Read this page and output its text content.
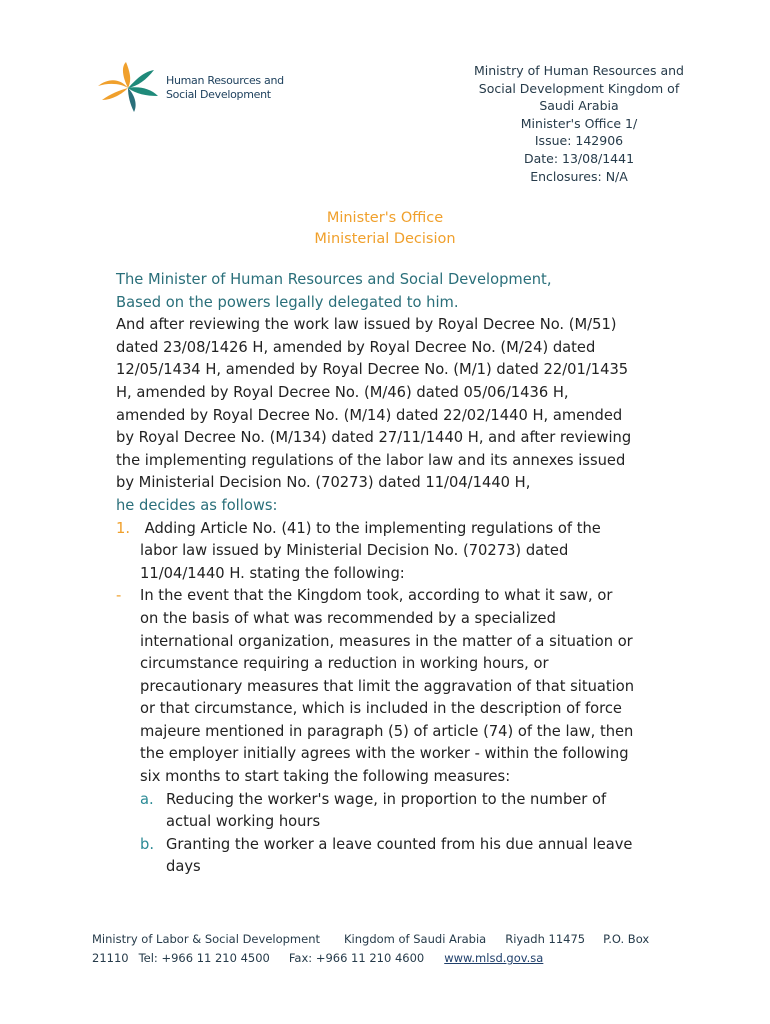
Human Resources and
Social Development
Ministry of Human Resources and
Social Development Kingdom of
Saudi Arabia
Minister's Office 1/
Issue: 142906
Date: 13/08/1441
Enclosures: N/A
Minister's Office
Ministerial Decision
The Minister of Human Resources and Social Development,
Based on the powers legally delegated to him.
And after reviewing the work law issued by Royal Decree No. (M/51)
dated 23/08/1426 H, amended by Royal Decree No. (M/24) dated
12/05/1434 H, amended by Royal Decree No. (M/1) dated 22/01/1435
H, amended by Royal Decree No. (M/46) dated 05/06/1436 H,
amended by Royal Decree No. (M/14) dated 22/02/1440 H, amended
by Royal Decree No. (M/134) dated 27/11/1440 H, and after reviewing
the implementing regulations of the labor law and its annexes issued
by Ministerial Decision No. (70273) dated 11/04/1440 H,
he decides as follows:
1. Adding Article No. (41) to the implementing regulations of the
labor law issued by Ministerial Decision No. (70273) dated
11/04/1440 H. stating the following:
-	In the event that the Kingdom took, according to what it saw, or
on the basis of what was recommended by a specialized
international organization, measures in the matter of a situation or
circumstance requiring a reduction in working hours, or
precautionary measures that limit the aggravation of that situation
or that circumstance, which is included in the description of force
majeure mentioned in paragraph (5) of article (74) of the law, then
the employer initially agrees with the worker - within the following
six months to start taking the following measures:
a. Reducing the worker's wage, in proportion to the number of
actual working hours
b. Granting the worker a leave counted from his due annual leave
days
Ministry of Labor & Social Development Kingdom of Saudi Arabia Riyadh 11475 P.O. Box
21110 Tel: +966 11 210 4500 Fax: +966 11 210 4600 www.mlsd.gov.sa
